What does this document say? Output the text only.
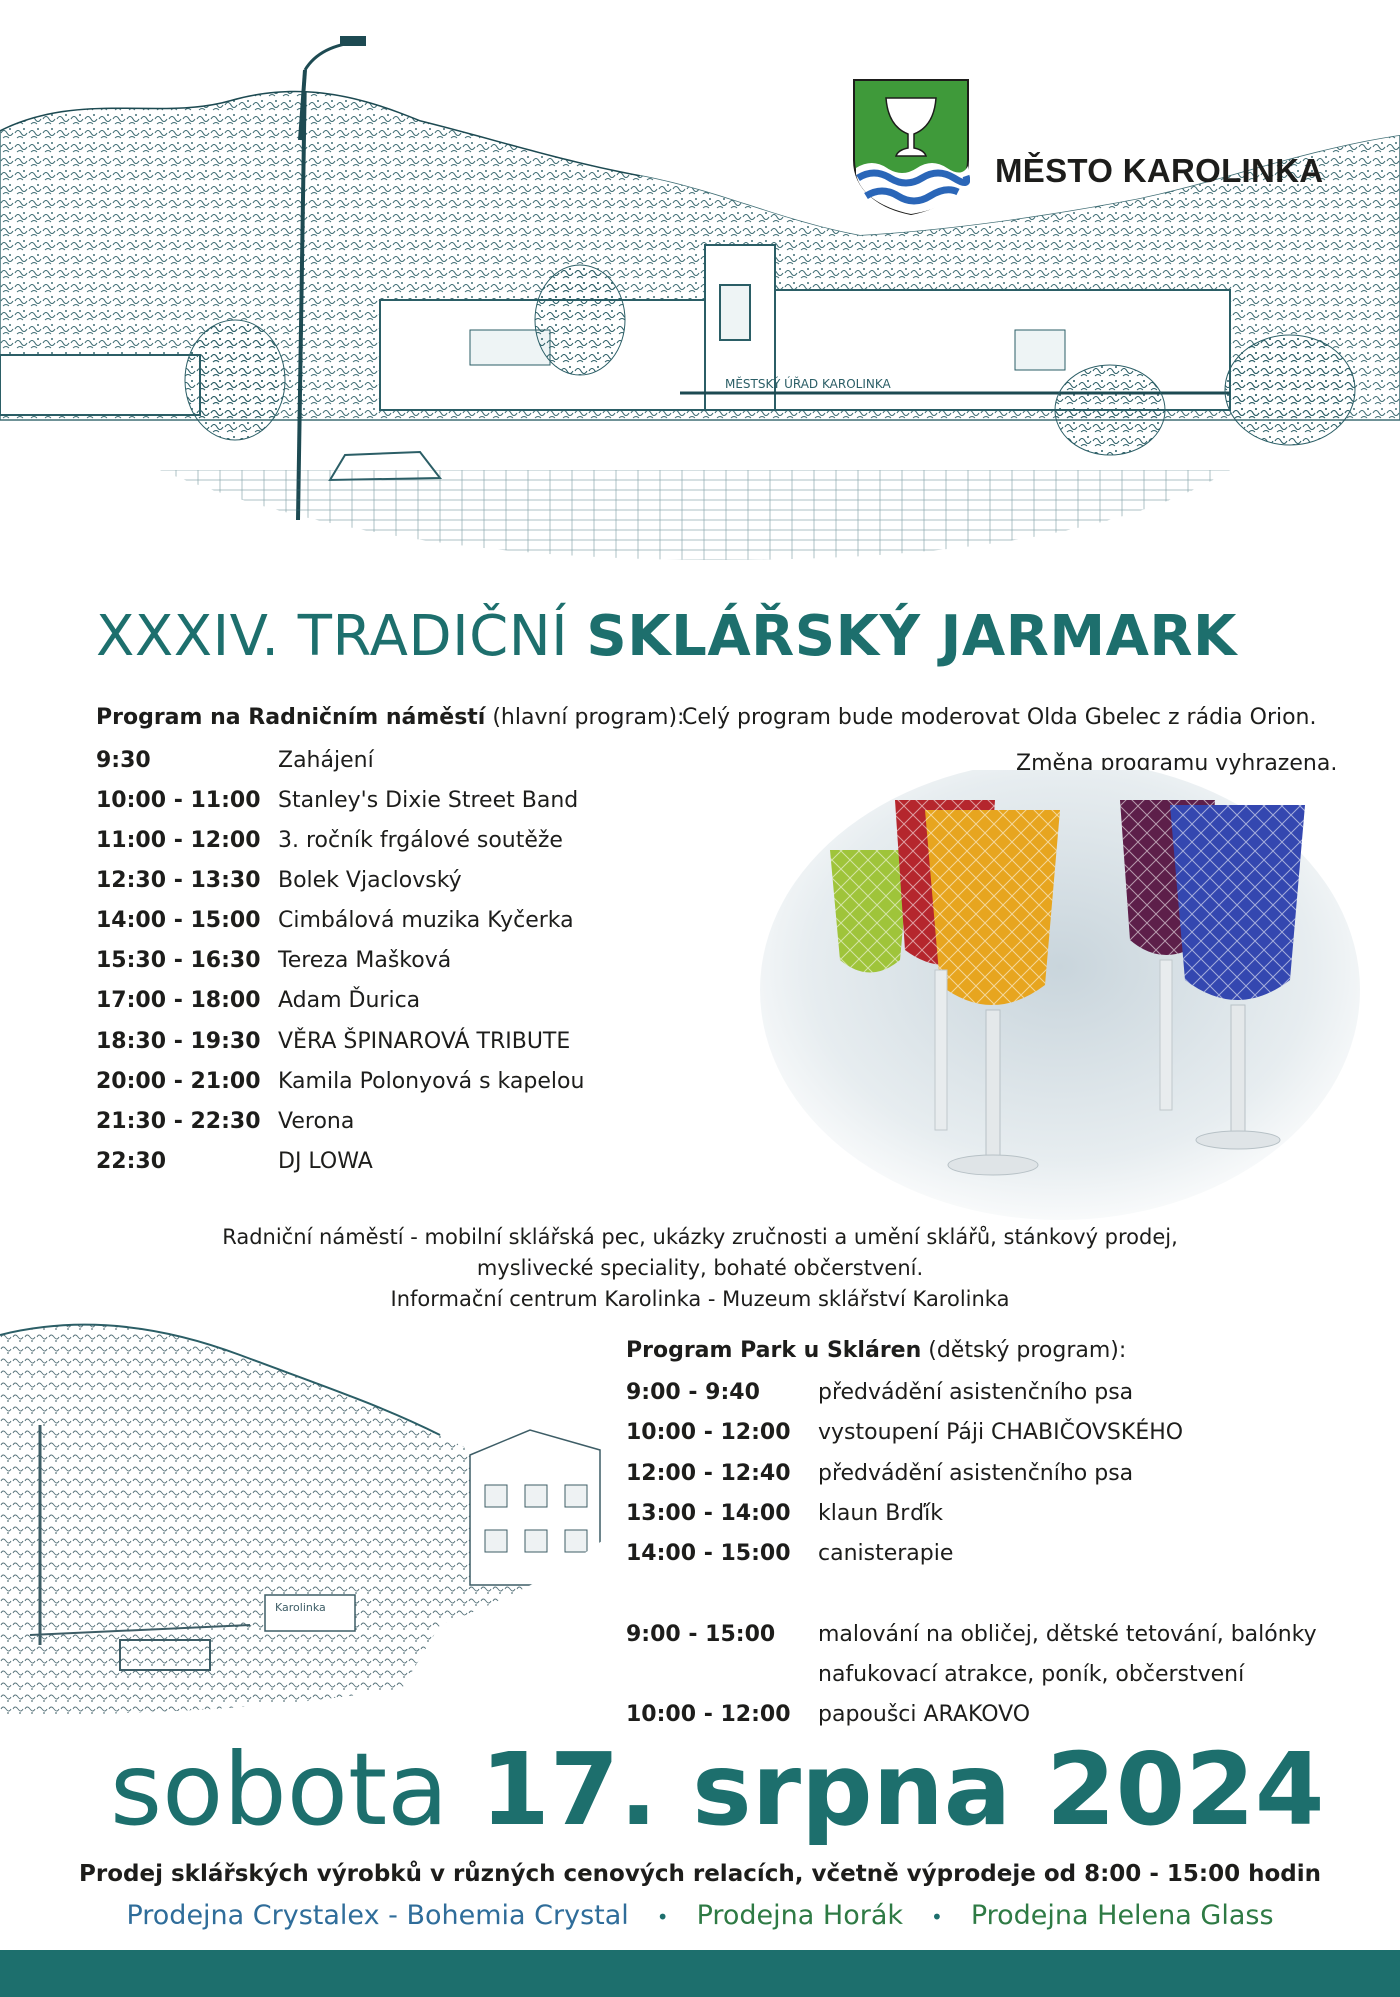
MĚSTSKÝ ÚŘAD KAROLINKA
MĚSTO KAROLINKA
XXXIV. TRADIČNÍ SKLÁŘSKÝ JARMARK
Program na Radničním náměstí (hlavní program):
Celý program bude moderovat Olda Gbelec z rádia Orion.
Změna programu vyhrazena.
9:30	Zahájení
10:00 - 11:00 Stanley's Dixie Street Band
11:00 - 12:00 3. ročník frgálové soutěže
12:30 - 13:30 Bolek Vjaclovský
14:00 - 15:00 Cimbálová muzika Kyčerka
15:30 - 16:30 Tereza Mašková
17:00 - 18:00 Adam Ďurica
18:30 - 19:30 VĚRA ŠPINAROVÁ TRIBUTE
20:00 - 21:00 Kamila Polonyová s kapelou
21:30 - 22:30 Verona
22:30	DJ LOWA
Radniční náměstí - mobilní sklářská pec, ukázky zručnosti a umění sklářů, stánkový prodej,
myslivecké speciality, bohaté občerstvení.
Informační centrum Karolinka - Muzeum sklářství Karolinka
Karolinka
Program Park u Skláren (dětský program):
9:00 - 9:40	předvádění asistenčního psa
10:00 - 12:00 vystoupení Páji CHABIČOVSKÉHO
12:00 - 12:40 předvádění asistenčního psa
13:00 - 14:00 klaun Brďík
14:00 - 15:00 canisterapie
9:00 - 15:00 malování na obličej, dětské tetování, balónky
nafukovací atrakce, poník, občerstvení
10:00 - 12:00 papoušci ARAKOVO
sobota 17. srpna 2024
Prodej sklářských výrobků v různých cenových relacích, včetně výprodeje od 8:00 - 15:00 hodin
Prodejna Crystalex - Bohemia Crystal • Prodejna Horák • Prodejna Helena Glass
